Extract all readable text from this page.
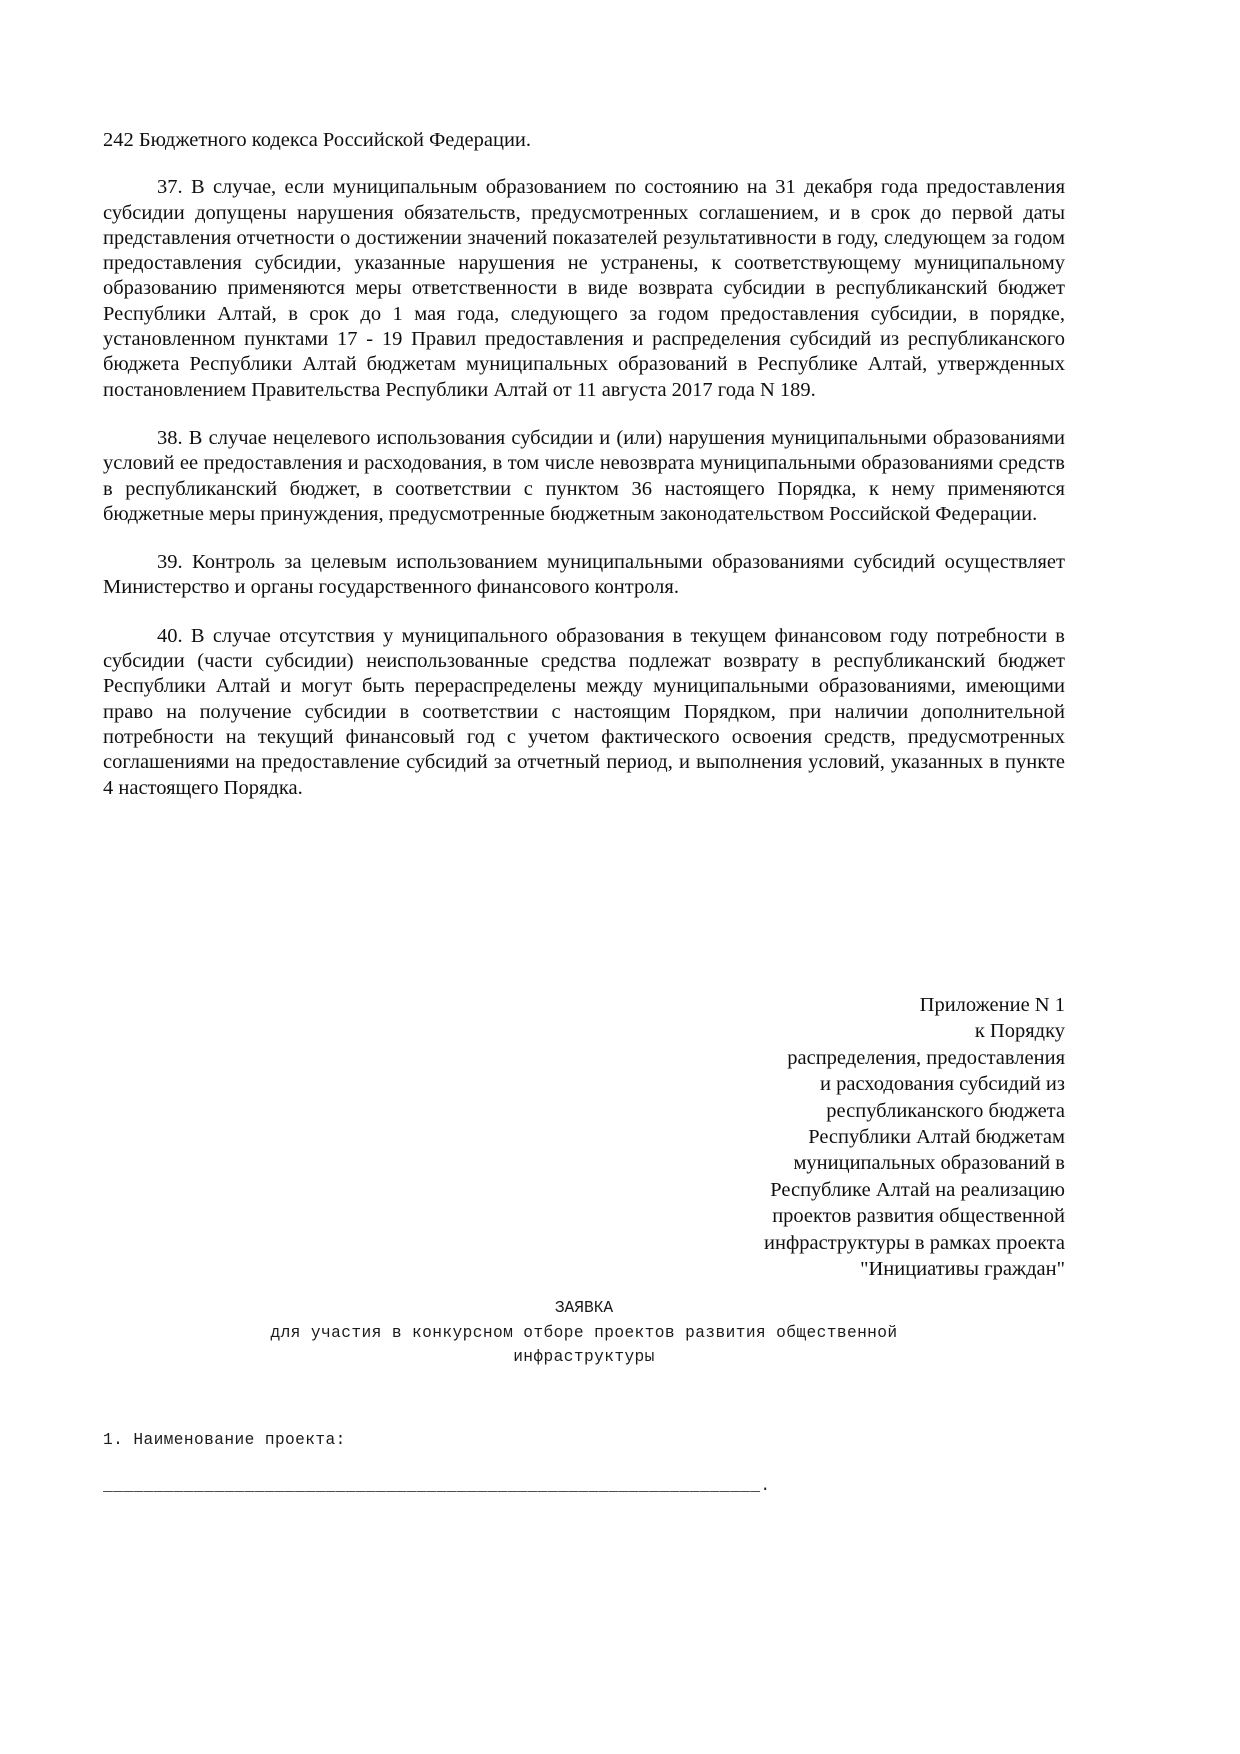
242 Бюджетного кодекса Российской Федерации.

37. В случае, если муниципальным образованием по состоянию на 31 декабря года предоставления субсидии допущены нарушения обязательств, предусмотренных соглашением, и в срок до первой даты представления отчетности о достижении значений показателей результативности в году, следующем за годом предоставления субсидии, указанные нарушения не устранены, к соответствующему муниципальному образованию применяются меры ответственности в виде возврата субсидии в республиканский бюджет Республики Алтай, в срок до 1 мая года, следующего за годом предоставления субсидии, в порядке, установленном пунктами 17 - 19 Правил предоставления и распределения субсидий из республиканского бюджета Республики Алтай бюджетам муниципальных образований в Республике Алтай, утвержденных постановлением Правительства Республики Алтай от 11 августа 2017 года N 189.

38. В случае нецелевого использования субсидии и (или) нарушения муниципальными образованиями условий ее предоставления и расходования, в том числе невозврата муниципальными образованиями средств в республиканский бюджет, в соответствии с пунктом 36 настоящего Порядка, к нему применяются бюджетные меры принуждения, предусмотренные бюджетным законодательством Российской Федерации.

39. Контроль за целевым использованием муниципальными образованиями субсидий осуществляет Министерство и органы государственного финансового контроля.

40. В случае отсутствия у муниципального образования в текущем финансовом году потребности в субсидии (части субсидии) неиспользованные средства подлежат возврату в республиканский бюджет Республики Алтай и могут быть перераспределены между муниципальными образованиями, имеющими право на получение субсидии в соответствии с настоящим Порядком, при наличии дополнительной потребности на текущий финансовый год с учетом фактического освоения средств, предусмотренных соглашениями на предоставление субсидий за отчетный период, и выполнения условий, указанных в пункте 4 настоящего Порядка.

Приложение N 1
к Порядку
распределения, предоставления
и расходования субсидий из
республиканского бюджета
Республики Алтай бюджетам
муниципальных образований в
Республике Алтай на реализацию
проектов развития общественной
инфраструктуры в рамках проекта
"Инициативы граждан"

ЗАЯВКА

для участия в конкурсном отборе проектов развития общественной
инфраструктуры

1. Наименование проекта:

_________________________________________________________________.
